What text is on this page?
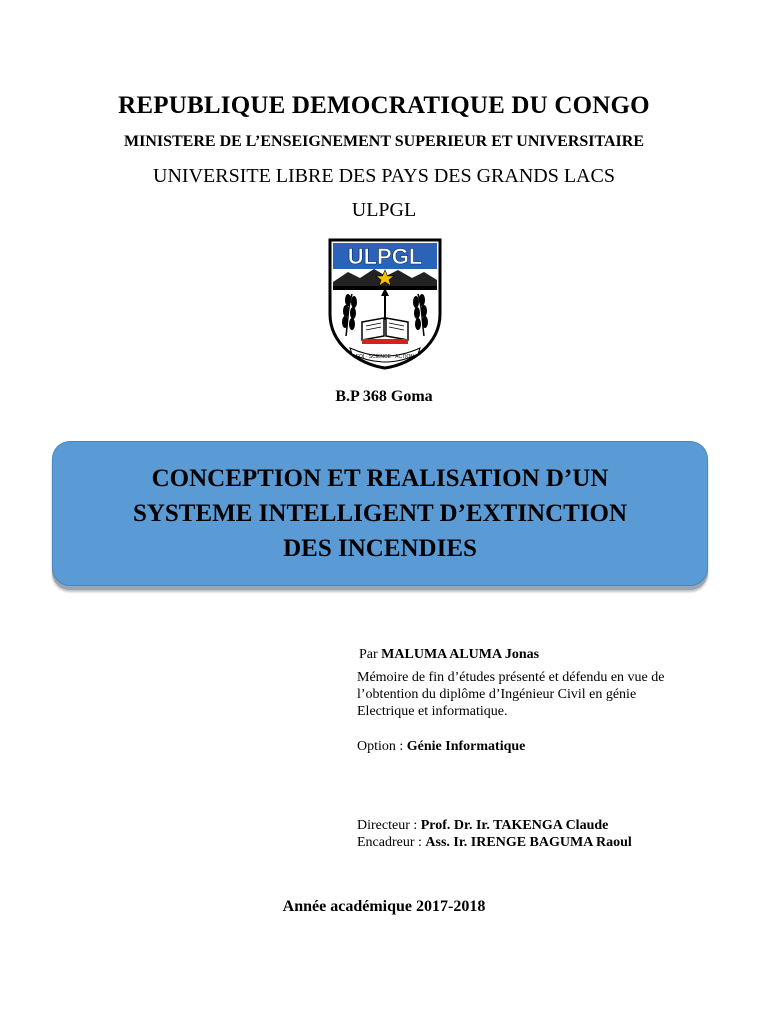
REPUBLIQUE DEMOCRATIQUE DU CONGO
MINISTERE DE L’ENSEIGNEMENT SUPERIEUR ET UNIVERSITAIRE
UNIVERSITE LIBRE DES PAYS DES GRANDS LACS
ULPGL
ULPGL
FOI · SCIENCE · ACTION
B.P 368 Goma
CONCEPTION ET REALISATION D’UN
SYSTEME INTELLIGENT D’EXTINCTION
DES INCENDIES
Par MALUMA ALUMA Jonas
Mémoire de fin d’études présenté et défendu en vue de l’obtention du diplôme d’Ingénieur Civil en génie Electrique et informatique.
Option : Génie Informatique
Directeur : Prof. Dr. Ir. TAKENGA Claude
Encadreur : Ass. Ir. IRENGE BAGUMA Raoul
Année académique 2017-2018
